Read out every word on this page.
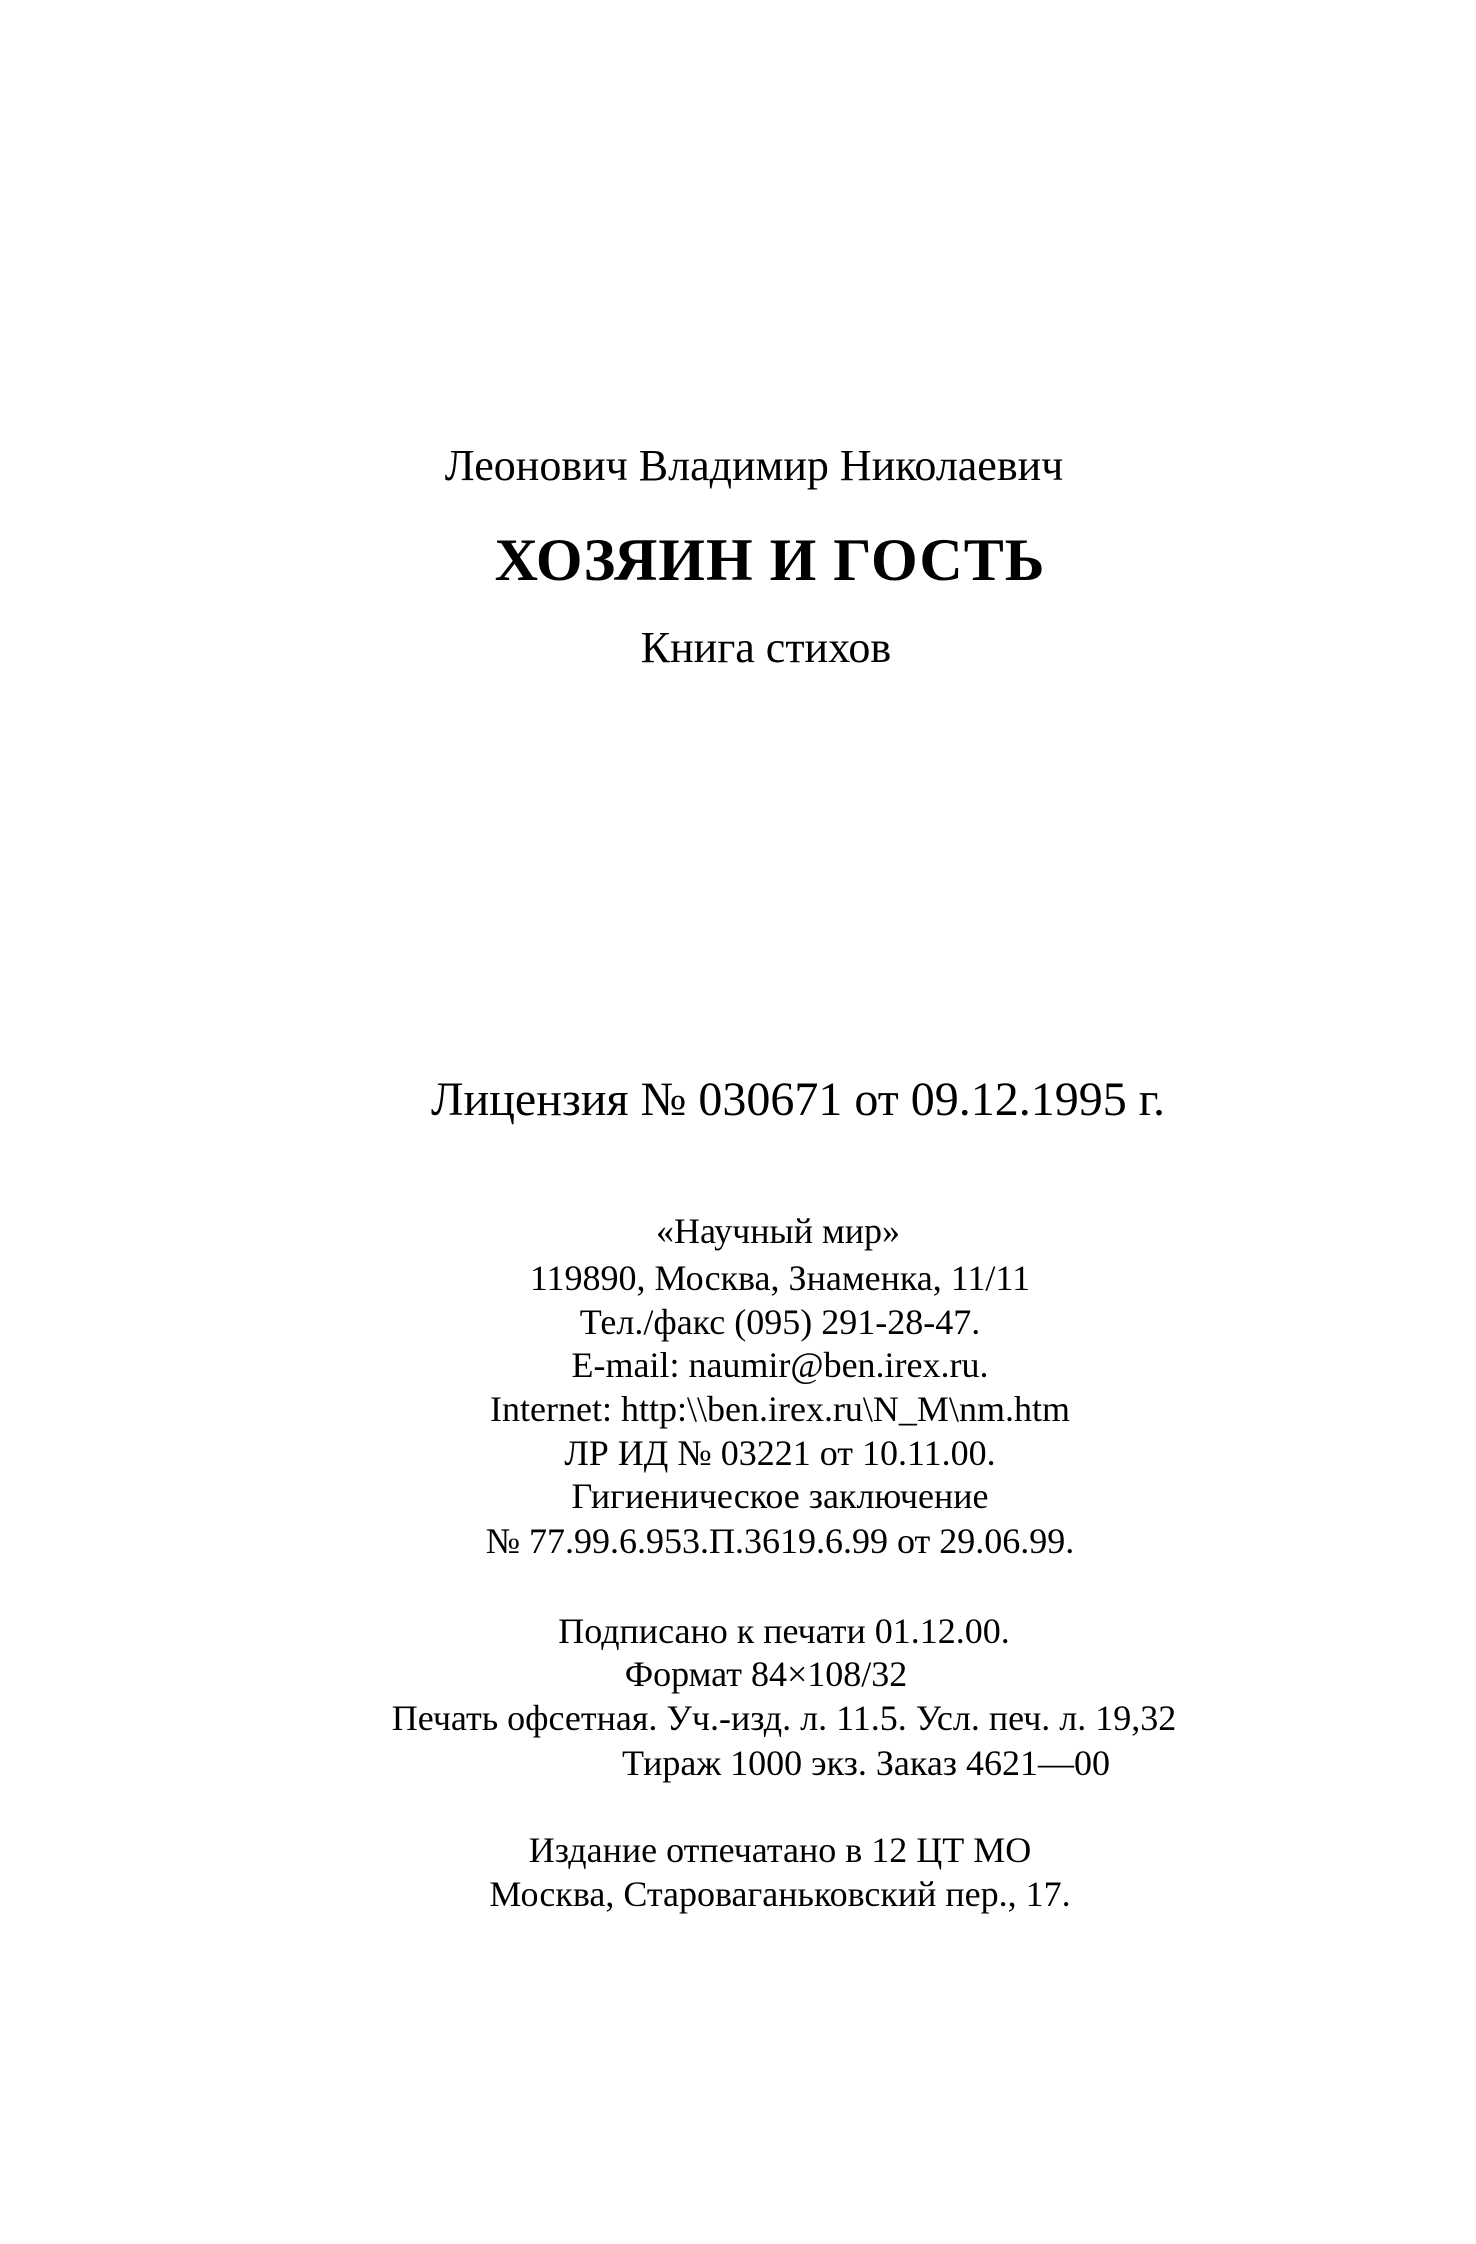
Леонович Владимир Николаевич
ХОЗЯИН И ГОСТЬ
Книга стихов
Лицензия № 030671 от 09.12.1995 г.
«Научный мир»
119890, Москва, Знаменка, 11/11
Тел./факс (095) 291-28-47.
E-mail: naumir@ben.irex.ru.
Internet: http:\\ben.irex.ru\N_M\nm.htm
ЛР ИД № 03221 от 10.11.00.
Гигиеническое заключение
№ 77.99.6.953.П.3619.6.99 от 29.06.99.
Подписано к печати 01.12.00.
Формат 84×108/32
Печать офсетная. Уч.-изд. л. 11.5. Усл. печ. л. 19,32
Тираж 1000 экз. Заказ 4621—00
Издание отпечатано в 12 ЦТ МО
Москва, Староваганьковский пер., 17.
